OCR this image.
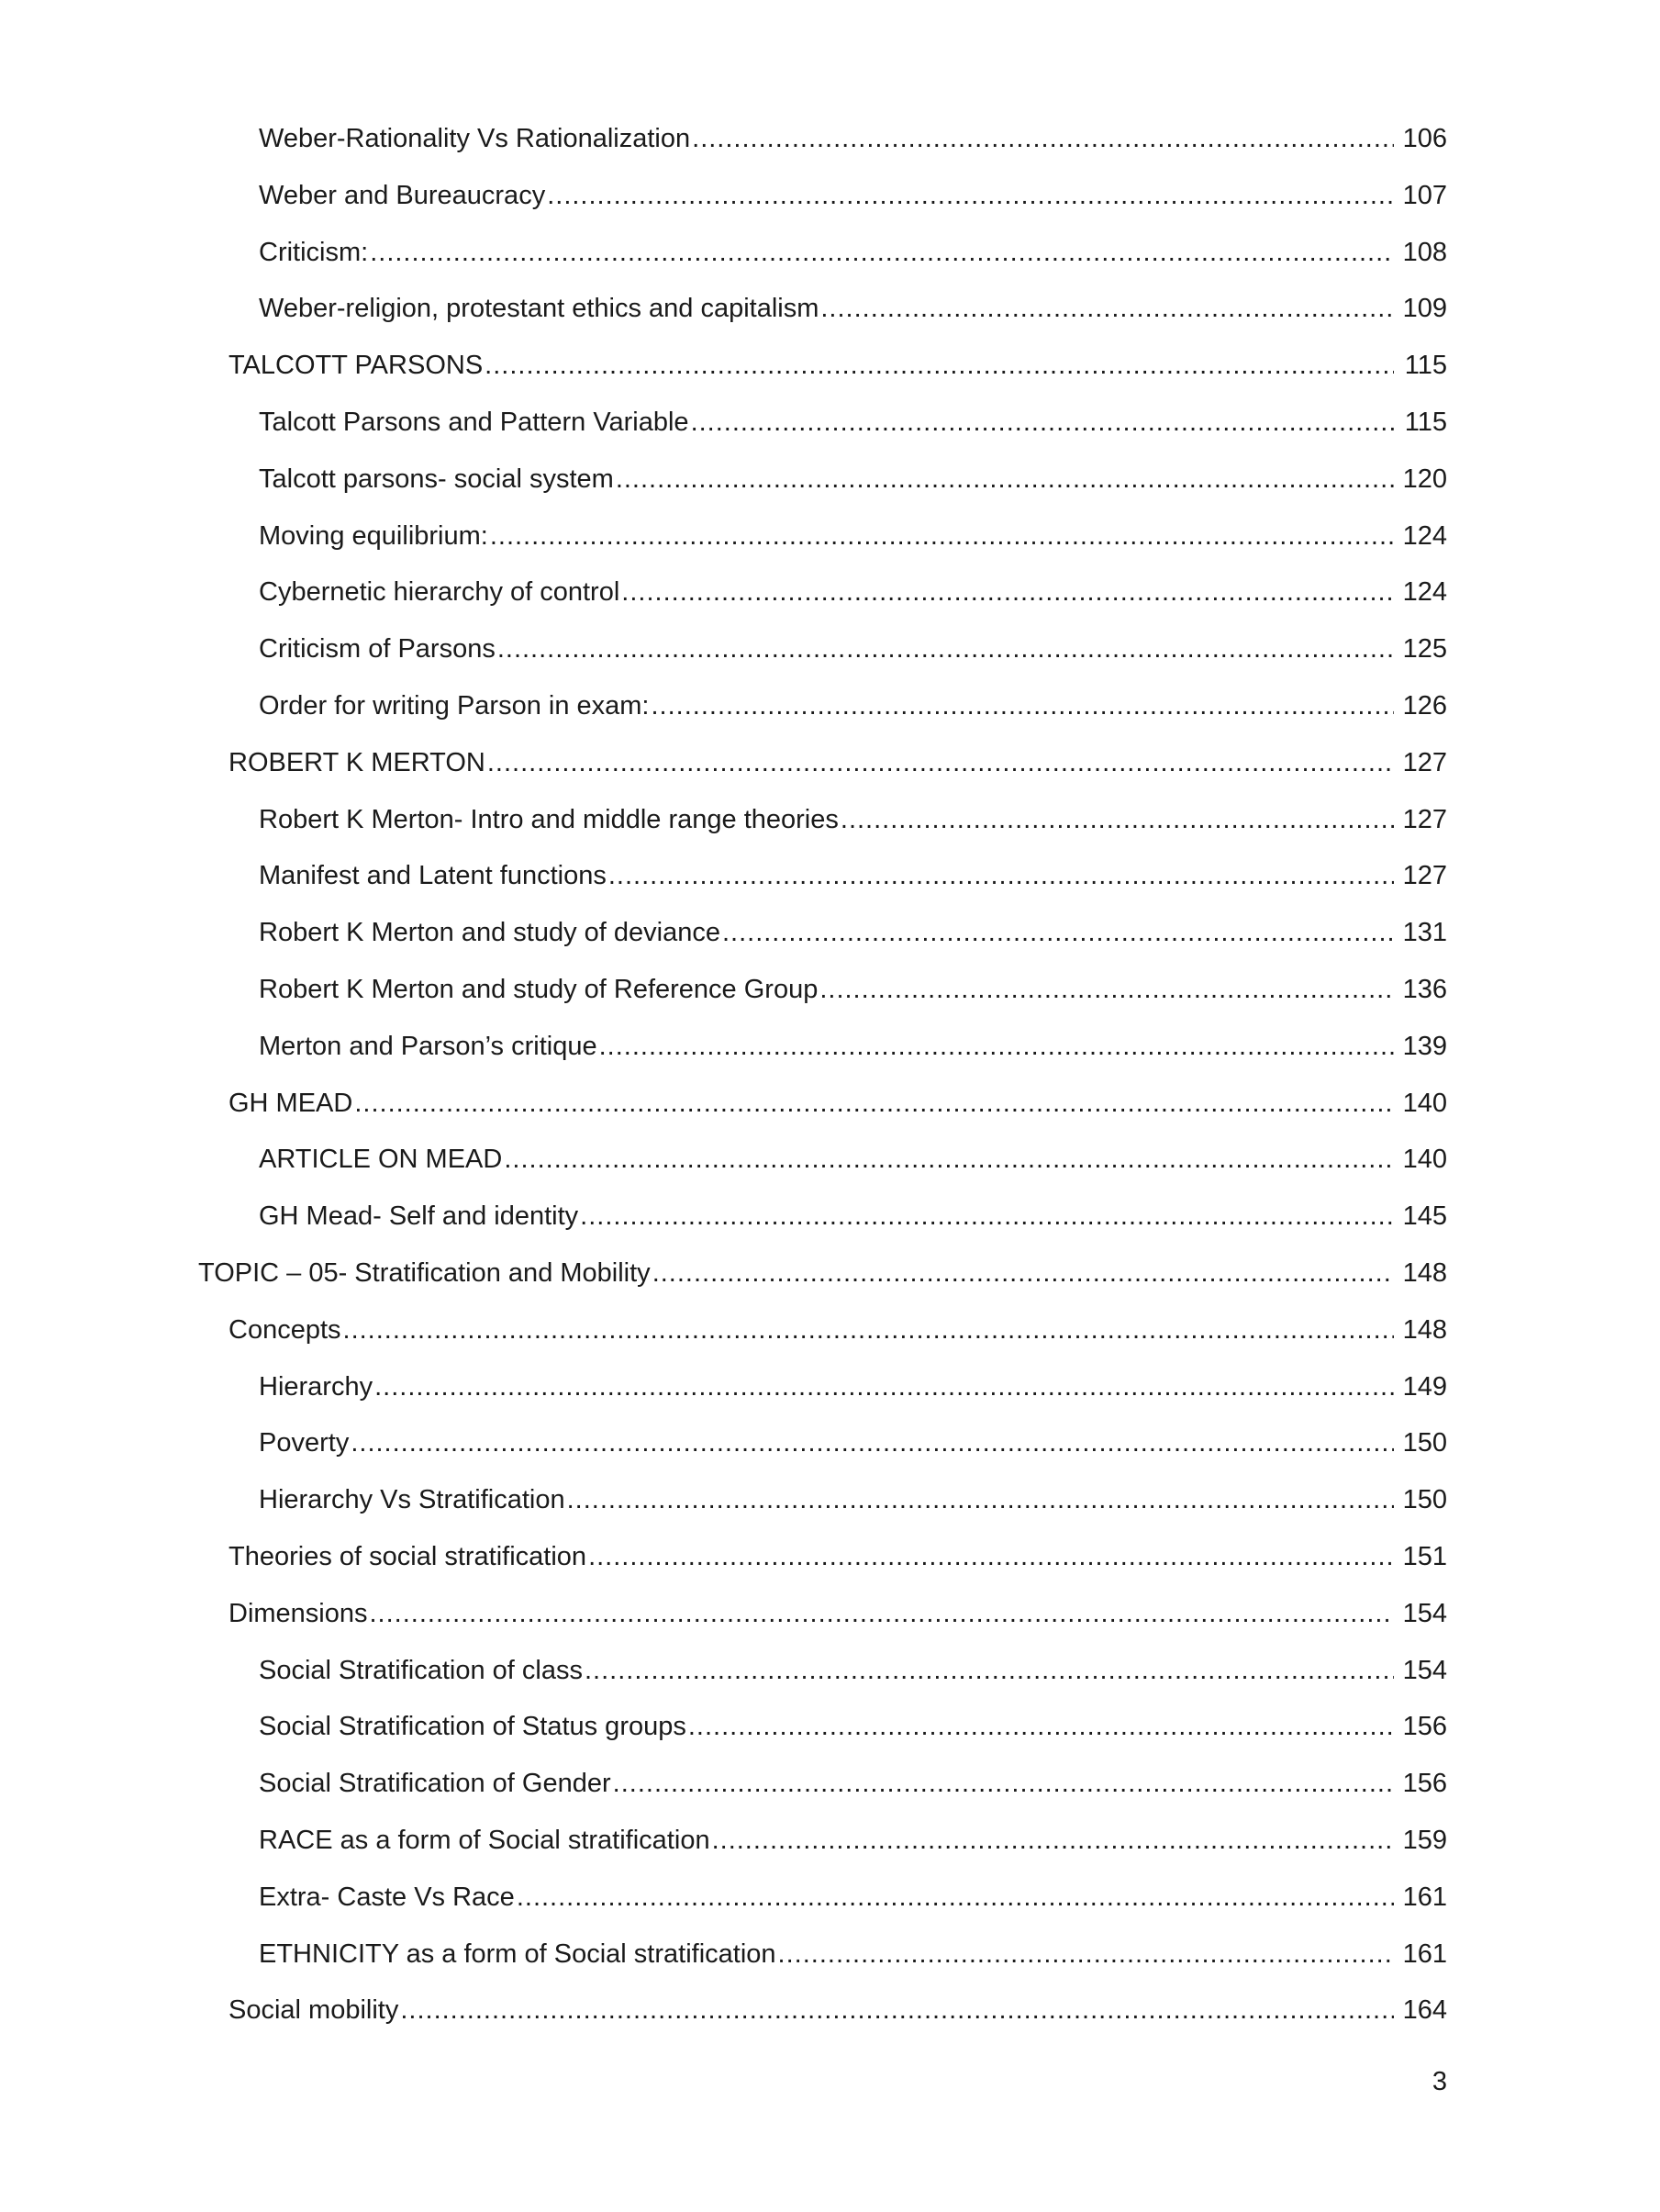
Weber-Rationality Vs Rationalization .....	106
Weber and Bureaucracy .....	107
Criticism: .....	108
Weber-religion, protestant ethics and capitalism .....	109
TALCOTT PARSONS .....	115
Talcott Parsons and Pattern Variable .....	115
Talcott parsons- social system .....	120
Moving equilibrium: .....	124
Cybernetic hierarchy of control .....	124
Criticism of Parsons .....	125
Order for writing Parson in exam: .....	126
ROBERT K MERTON .....	127
Robert K Merton- Intro and middle range theories .....	127
Manifest and Latent functions .....	127
Robert K Merton and study of deviance .....	131
Robert K Merton and study of Reference Group .....	136
Merton and Parson’s critique .....	139
GH MEAD .....	140
ARTICLE ON MEAD .....	140
GH Mead- Self and identity .....	145
TOPIC – 05- Stratification and Mobility .....	148
Concepts .....	148
Hierarchy .....	149
Poverty .....	150
Hierarchy Vs Stratification .....	150
Theories of social stratification .....	151
Dimensions .....	154
Social Stratification of class .....	154
Social Stratification of Status groups .....	156
Social Stratification of Gender .....	156
RACE as a form of Social stratification .....	159
Extra- Caste Vs Race .....	161
ETHNICITY as a form of Social stratification .....	161
Social mobility .....	164
3
